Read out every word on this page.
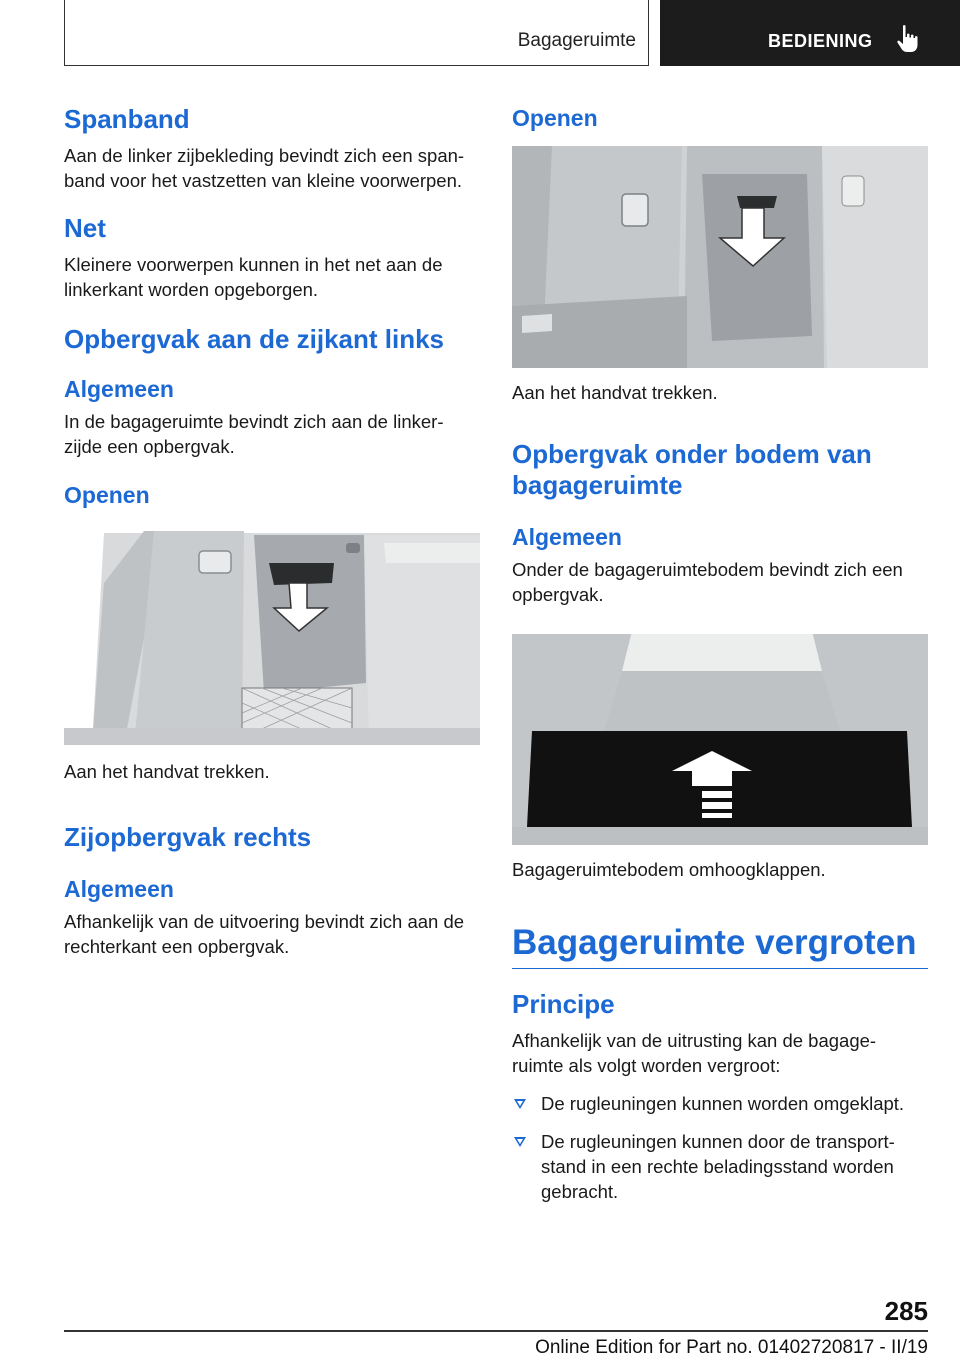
Bagageruimte	BEDIENING
Spanband
Aan de linker zijbekleding bevindt zich een span‐
band voor het vastzetten van kleine voorwerpen.
Net
Kleinere voorwerpen kunnen in het net aan de
linkerkant worden opgeborgen.
Opbergvak aan de zijkant links
Algemeen
In de bagageruimte bevindt zich aan de linker‐
zijde een opbergvak.
Openen
Aan het handvat trekken.
Zijopbergvak rechts
Algemeen
Afhankelijk van de uitvoering bevindt zich aan de
rechterkant een opbergvak.
Openen
Aan het handvat trekken.
Opbergvak onder bodem van
bagageruimte
Algemeen
Onder de bagageruimtebodem bevindt zich een
opbergvak.
Bagageruimtebodem omhoogklappen.
Bagageruimte vergroten
Principe
Afhankelijk van de uitrusting kan de bagage‐
ruimte als volgt worden vergroot:
De rugleuningen kunnen worden omgeklapt.
De rugleuningen kunnen door de transport‐
stand in een rechte beladingsstand worden
gebracht.
285
Online Edition for Part no. 01402720817 - II/19
